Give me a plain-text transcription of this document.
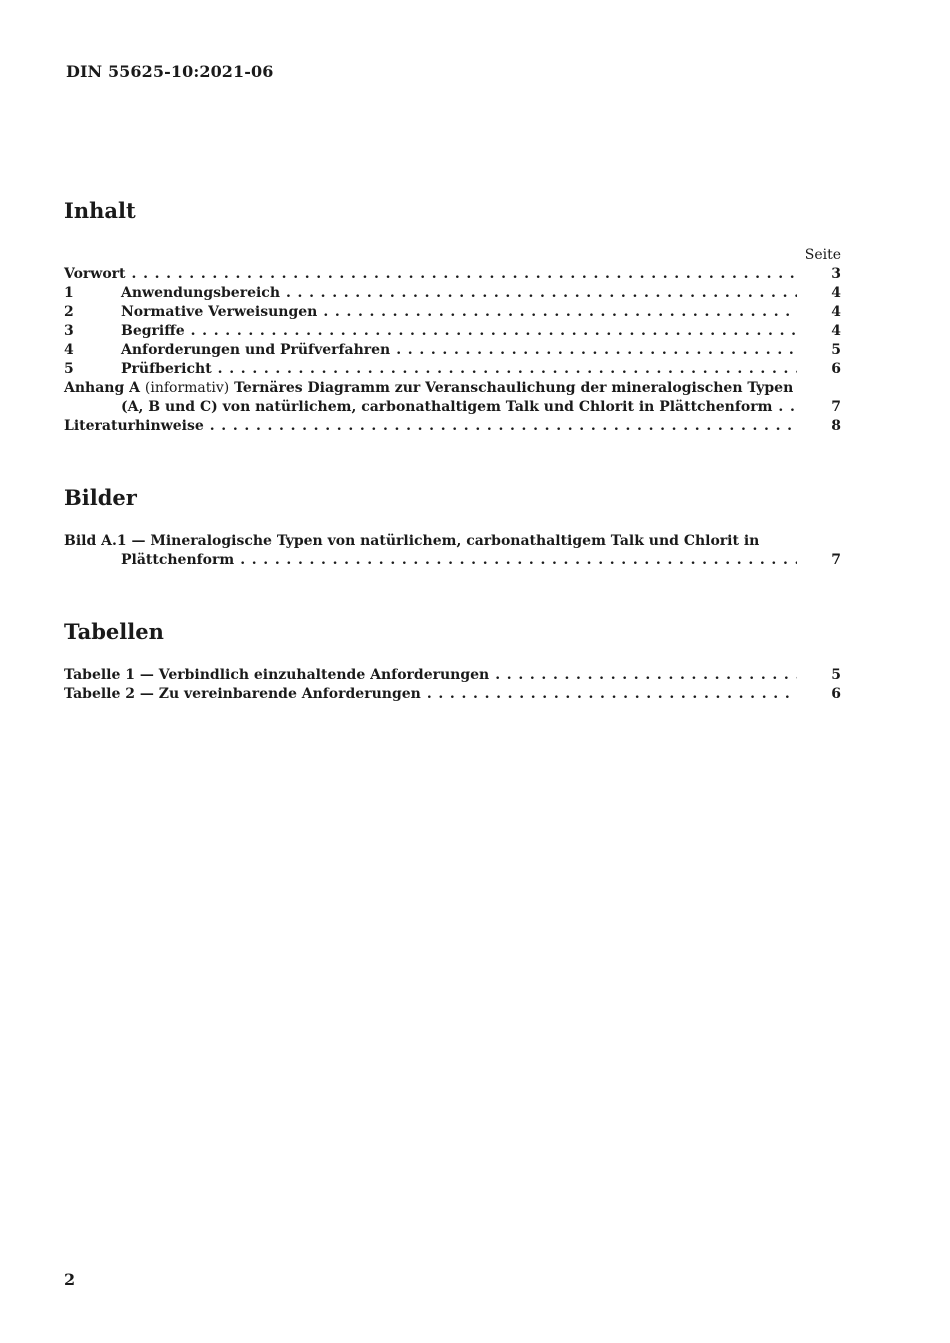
DIN 55625-10:2021-06
Inhalt
Seite
Vorwort . . .	3
1	Anwendungsbereich . . .	4
2	Normative Verweisungen . . .	4
3	Begriffe . . .	4
4	Anforderungen und Prüfverfahren . . .	5
5	Prüfbericht . . .	6
Anhang A (informativ) Ternäres Diagramm zur Veranschaulichung der mineralogischen Typen
(A, B und C) von natürlichem, carbonathaltigem Talk und Chlorit in Plättchenform . . .	7
Literaturhinweise . . .	8
Bilder
Bild A.1 — Mineralogische Typen von natürlichem, carbonathaltigem Talk und Chlorit in
Plättchenform . . .	7
Tabellen
Tabelle 1 — Verbindlich einzuhaltende Anforderungen . . .	5
Tabelle 2 — Zu vereinbarende Anforderungen . . .	6
2
